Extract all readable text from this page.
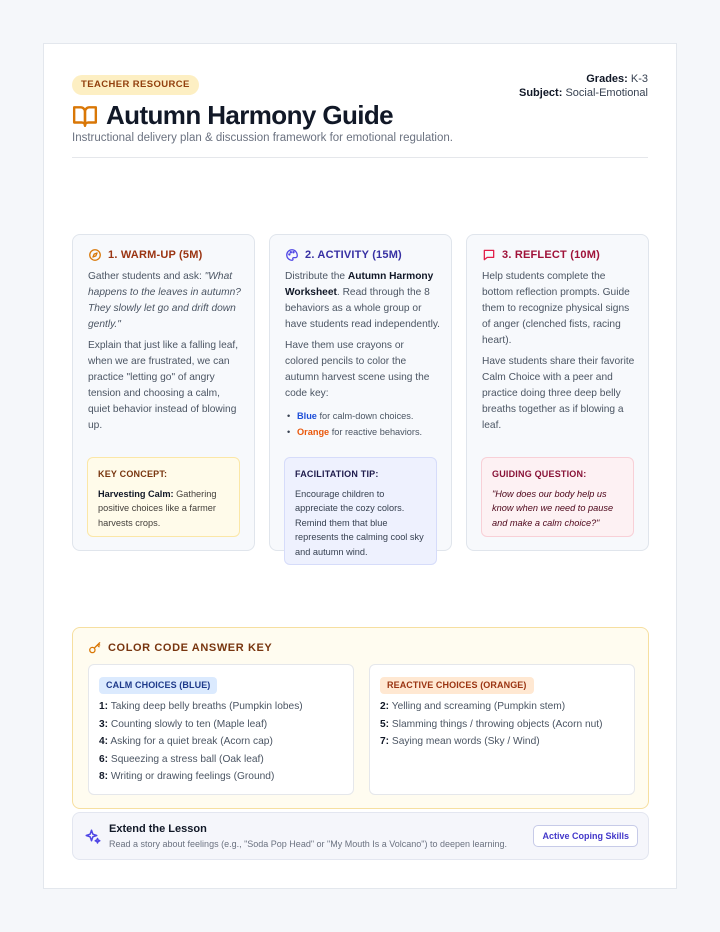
TEACHER RESOURCE	Grades: K-3
Subject: Social-Emotional
Autumn Harmony Guide
Instructional delivery plan & discussion framework for emotional regulation.
1. WARM-UP (5M)

Gather students and ask: "What happens to the leaves in autumn? They slowly let go and drift down gently."

Explain that just like a falling leaf, when we are frustrated, we can practice "letting go" of angry tension and choosing a calm, quiet behavior instead of blowing up.

KEY CONCEPT:
Harvesting Calm: Gathering positive choices like a farmer harvests crops.
2. ACTIVITY (15M)

Distribute the Autumn Harmony Worksheet. Read through the 8 behaviors as a whole group or have students read independently.

Have them use crayons or colored pencils to color the autumn harvest scene using the code key:

• Blue for calm-down choices.
• Orange for reactive behaviors.
FACILITATION TIP:
Encourage children to appreciate the cozy colors. Remind them that blue represents the calming cool sky and autumn wind.
3. REFLECT (10M)

Help students complete the bottom reflection prompts. Guide them to recognize physical signs of anger (clenched fists, racing heart).

Have students share their favorite Calm Choice with a peer and practice doing three deep belly breaths together as if blowing a leaf.

GUIDING QUESTION:
"How does our body help us know when we need to pause and make a calm choice?"
COLOR CODE ANSWER KEY
CALM CHOICES (BLUE)
1: Taking deep belly breaths (Pumpkin lobes)
3: Counting slowly to ten (Maple leaf)
4: Asking for a quiet break (Acorn cap)
6: Squeezing a stress ball (Oak leaf)
8: Writing or drawing feelings (Ground)
REACTIVE CHOICES (ORANGE)
2: Yelling and screaming (Pumpkin stem)
5: Slamming things / throwing objects (Acorn nut)
7: Saying mean words (Sky / Wind)
Extend the Lesson
Read a story about feelings (e.g., "Soda Pop Head" or "My Mouth Is a Volcano") to deepen learning.
Active Coping Skills
